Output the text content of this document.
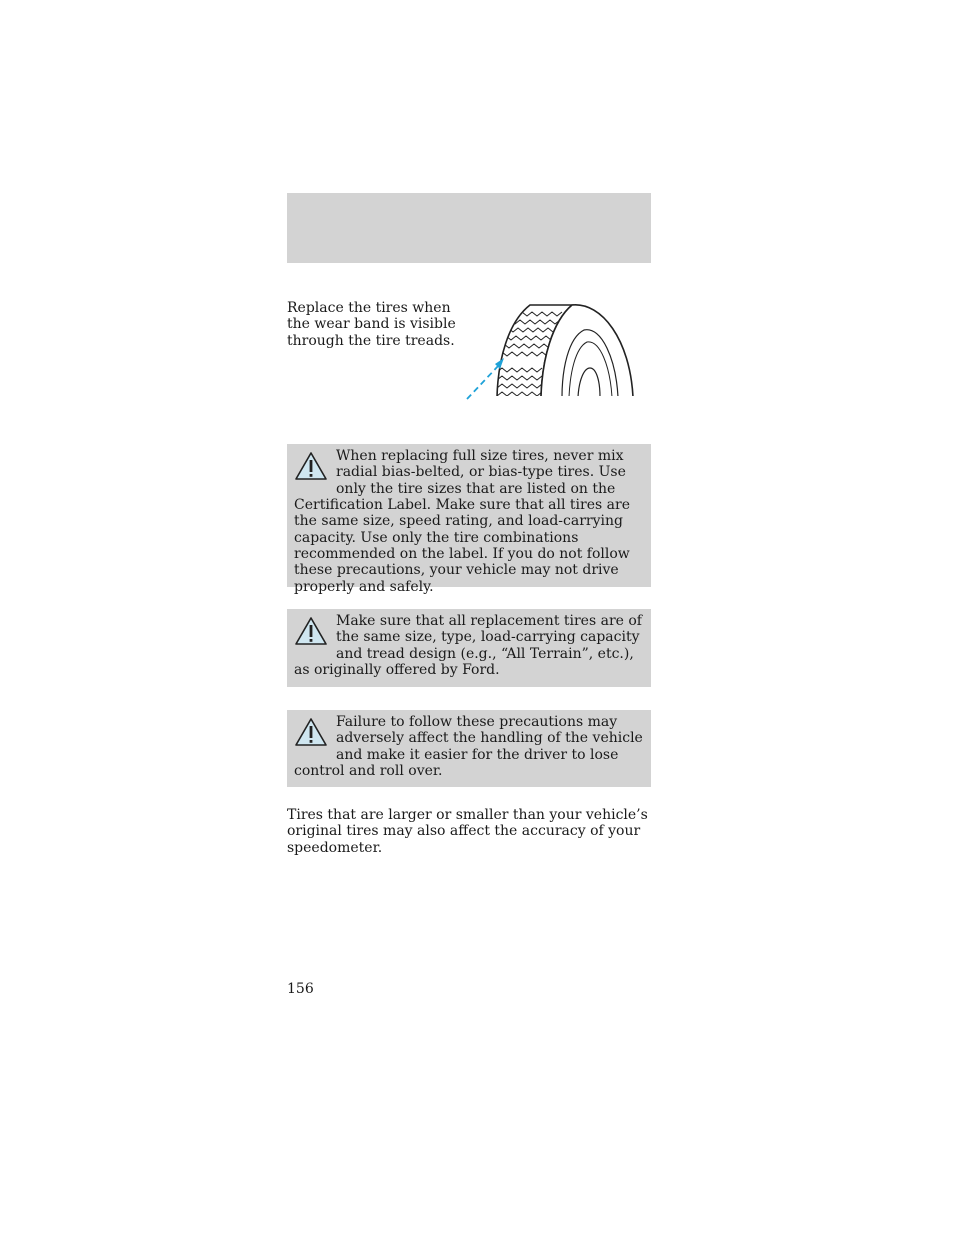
Replace the tires when the wear band is visible through the tire treads.
When replacing full size tires, never mix radial bias-belted, or bias-type tires. Use only the tire sizes that are listed on the Certification Label. Make sure that all tires are the same size, speed rating, and load-carrying capacity. Use only the tire combinations recommended on the label. If you do not follow these precautions, your vehicle may not drive properly and safely.
Make sure that all replacement tires are of the same size, type, load-carrying capacity and tread design (e.g., “All Terrain”, etc.), as originally offered by Ford.
Failure to follow these precautions may adversely affect the handling of the vehicle and make it easier for the driver to lose control and roll over.
Tires that are larger or smaller than your vehicle’s original tires may also affect the accuracy of your speedometer.
156
